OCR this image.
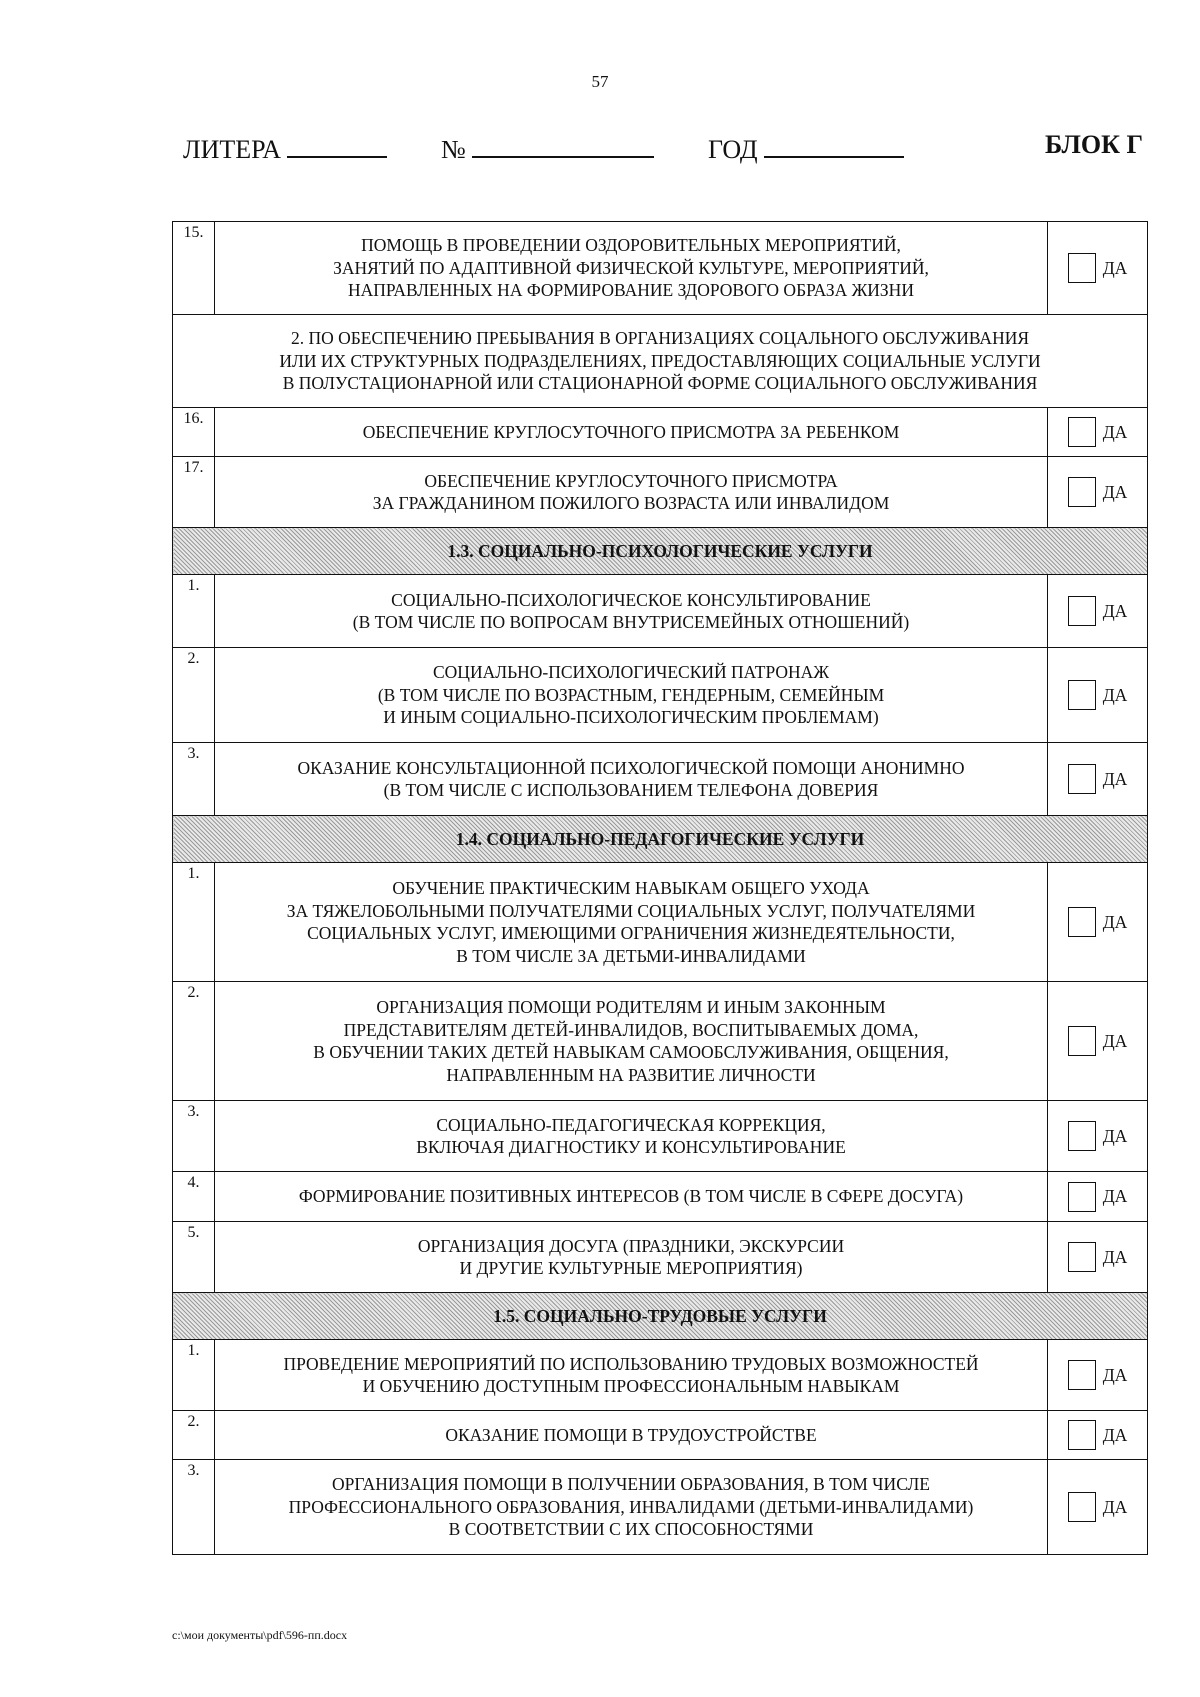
57
ЛИТЕРА	№	ГОД	БЛОК Г
15.	ПОМОЩЬ В ПРОВЕДЕНИИ ОЗДОРОВИТЕЛЬНЫХ МЕРОПРИЯТИЙ,
ЗАНЯТИЙ ПО АДАПТИВНОЙ ФИЗИЧЕСКОЙ КУЛЬТУРЕ, МЕРОПРИЯТИЙ,
НАПРАВЛЕННЫХ НА ФОРМИРОВАНИЕ ЗДОРОВОГО ОБРАЗА ЖИЗНИ	ДА

2. ПО ОБЕСПЕЧЕНИЮ ПРЕБЫВАНИЯ В ОРГАНИЗАЦИЯХ СОЦАЛЬНОГО ОБСЛУЖИВАНИЯ
ИЛИ ИХ СТРУКТУРНЫХ ПОДРАЗДЕЛЕНИЯХ, ПРЕДОСТАВЛЯЮЩИХ СОЦИАЛЬНЫЕ УСЛУГИ
В ПОЛУСТАЦИОНАРНОЙ ИЛИ СТАЦИОНАРНОЙ ФОРМЕ СОЦИАЛЬНОГО ОБСЛУЖИВАНИЯ		

16.	ОБЕСПЕЧЕНИЕ КРУГЛОСУТОЧНОГО ПРИСМОТРА ЗА РЕБЕНКОМ	ДА

17.	ОБЕСПЕЧЕНИЕ КРУГЛОСУТОЧНОГО ПРИСМОТРА
ЗА ГРАЖДАНИНОМ ПОЖИЛОГО ВОЗРАСТА ИЛИ ИНВАЛИДОМ	ДА

1.3. СОЦИАЛЬНО-ПСИХОЛОГИЧЕСКИЕ УСЛУГИ		
1.	СОЦИАЛЬНО-ПСИХОЛОГИЧЕСКОЕ КОНСУЛЬТИРОВАНИЕ
(В ТОМ ЧИСЛЕ ПО ВОПРОСАМ ВНУТРИСЕМЕЙНЫХ ОТНОШЕНИЙ)	ДА

2.	СОЦИАЛЬНО-ПСИХОЛОГИЧЕСКИЙ ПАТРОНАЖ
(В ТОМ ЧИСЛЕ ПО ВОЗРАСТНЫМ, ГЕНДЕРНЫМ, СЕМЕЙНЫМ
И ИНЫМ СОЦИАЛЬНО-ПСИХОЛОГИЧЕСКИМ ПРОБЛЕМАМ)	ДА

3.	ОКАЗАНИЕ КОНСУЛЬТАЦИОННОЙ ПСИХОЛОГИЧЕСКОЙ ПОМОЩИ АНОНИМНО
(В ТОМ ЧИСЛЕ С ИСПОЛЬЗОВАНИЕМ ТЕЛЕФОНА ДОВЕРИЯ	ДА

1.4. СОЦИАЛЬНО-ПЕДАГОГИЧЕСКИЕ УСЛУГИ		
1.	ОБУЧЕНИЕ ПРАКТИЧЕСКИМ НАВЫКАМ ОБЩЕГО УХОДА
ЗА ТЯЖЕЛОБОЛЬНЫМИ ПОЛУЧАТЕЛЯМИ СОЦИАЛЬНЫХ УСЛУГ, ПОЛУЧАТЕЛЯМИ
СОЦИАЛЬНЫХ УСЛУГ, ИМЕЮЩИМИ ОГРАНИЧЕНИЯ ЖИЗНЕДЕЯТЕЛЬНОСТИ,
В ТОМ ЧИСЛЕ ЗА ДЕТЬМИ-ИНВАЛИДАМИ	ДА

2.	ОРГАНИЗАЦИЯ ПОМОЩИ РОДИТЕЛЯМ И ИНЫМ ЗАКОННЫМ
ПРЕДСТАВИТЕЛЯМ ДЕТЕЙ-ИНВАЛИДОВ, ВОСПИТЫВАЕМЫХ ДОМА,
В ОБУЧЕНИИ ТАКИХ ДЕТЕЙ НАВЫКАМ САМООБСЛУЖИВАНИЯ, ОБЩЕНИЯ,
НАПРАВЛЕННЫМ НА РАЗВИТИЕ ЛИЧНОСТИ	ДА

3.	СОЦИАЛЬНО-ПЕДАГОГИЧЕСКАЯ КОРРЕКЦИЯ,
ВКЛЮЧАЯ ДИАГНОСТИКУ И КОНСУЛЬТИРОВАНИЕ	ДА

4.	ФОРМИРОВАНИЕ ПОЗИТИВНЫХ ИНТЕРЕСОВ (В ТОМ ЧИСЛЕ В СФЕРЕ ДОСУГА)	ДА

5.	ОРГАНИЗАЦИЯ ДОСУГА (ПРАЗДНИКИ, ЭКСКУРСИИ
И ДРУГИЕ КУЛЬТУРНЫЕ МЕРОПРИЯТИЯ)	ДА

1.5. СОЦИАЛЬНО-ТРУДОВЫЕ УСЛУГИ		
1.	ПРОВЕДЕНИЕ МЕРОПРИЯТИЙ ПО ИСПОЛЬЗОВАНИЮ ТРУДОВЫХ ВОЗМОЖНОСТЕЙ
И ОБУЧЕНИЮ ДОСТУПНЫМ ПРОФЕССИОНАЛЬНЫМ НАВЫКАМ	ДА

2.	ОКАЗАНИЕ ПОМОЩИ В ТРУДОУСТРОЙСТВЕ	ДА

3.	ОРГАНИЗАЦИЯ ПОМОЩИ В ПОЛУЧЕНИИ ОБРАЗОВАНИЯ, В ТОМ ЧИСЛЕ
ПРОФЕССИОНАЛЬНОГО ОБРАЗОВАНИЯ, ИНВАЛИДАМИ (ДЕТЬМИ-ИНВАЛИДАМИ)
В СООТВЕТСТВИИ С ИХ СПОСОБНОСТЯМИ	ДА
c:\мои документы\pdf\596-пп.docx
